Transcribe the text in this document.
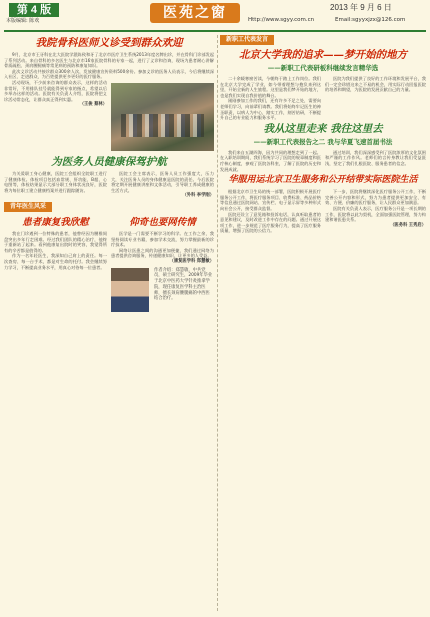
第 4 版
本版编辑: 陈欢	医苑之窗	2013 年 9 月 6 日
Http://www.sgyy.com.cn	Email:sgyyxjzx@126.com
我院骨科医师义诊受到群众欢迎

9月，北京市王牙科在北大医院学派陈致和牙了北京市医疗卫生系统2013年度名牌出诊，并在骨科门诊部发起了系列活动。来自骨科的多名医生与北京市16家医院骨科的专家一起，进行了义诊和咨询，现场为患者耐心讲解骨质疏松、颈肩腰腿痛等常见病的预防和康复知识。

此次义诊活动共接诊群众300余人次，发放健康宣传资料500余份。参加义诊的医务人员表示，今后将继续深入社区、走进群众，为百姓提供更多更好的医疗服务。

活动现场，不少前来咨询的群众表示，这样的活动非常好，不用排队挂号就能得到专家的指点，希望以后多举办这样的活动。医院有关负责人介绍，医院将把义诊活动常态化，让群众真正得到实惠。

（王俊 蔡林）
为医务人员健康保驾护航

为关爱职工身心健康，医院工会组织全院职工进行了健康体检。体检项目包括血常规、肝功能、B超、心电图等，体检结果显示大部分职工身体状况良好，医院将为每位职工建立健康档案并进行跟踪随访。

医院工会主席表示，医务人员工作强度大，压力大，关注医务人员的身体健康是医院的责任。今后医院将定期开展健康讲座和文体活动，引导职工养成健康的生活方式。

（外科 李学刚）
青年医生风采
患者康复我欣慰

我在门诊遇到一位特殊的患者，他曾经因为腰椎间盘突出多年行走困难。经过我们团队的精心治疗，他终于重新站了起来。看到他康复出院时的笑容，我觉得所有的辛苦都是值得的。

作为一名年轻医生，我深知自己肩上的责任。每一次查房、每一台手术，都是对生命的托付。我会继续努力学习，不断提高业务水平，用真心对待每一位患者。

仰奇也要网传情

医学是一门需要不断学习的科学。在工作之余，我坚持阅读专业书籍，参加学术交流，努力掌握最新的诊疗技术。

网络让医患之间的沟通更加便捷，我们通过网络为患者提供咨询服务，传递健康知识，让更多的人受益。

（康复医学科 郑慧敏）
作者介绍：郑慧敏，中共党员，硕士研究生，2009年毕业于北京中医药大学针灸推拿学院，现任康复医学科主治医师，擅长颈肩腰腿痛的中西医结合治疗。
新职工代表发言
北京大学我的追求——梦开始的地方
——新职工代表研板科继续发言精华选

二十余载寒窗苦读，今朝终于踏上工作岗位。我们在北京大学完成了学业，如今带着理想与抱负来到这里，开始全新的人生旅程。这里是我们梦开始的地方，也是我们实现自我价值的舞台。

刚刚参加工作的我们，还有许多不足之处，需要向老师们学习，向前辈们请教。我们将始终牢记医生的神圣职责，以病人为中心，踏实工作，刻苦钻研，不断提升自己的专业能力和服务水平。

医院为我们提供了良好的工作环境和发展平台，我们一定会珍惜这来之不易的机会，用实际行动回报医院的培养和期望，为医院的发展贡献自己的力量。

我从这里走来 我往这里去
——新职工代表报告之二 我与华夏飞速首届书法

我们来自五湖四海，因为共同的理想走到了一起。在入职培训期间，我们系统学习了医院的规章制度和医疗核心制度，参观了医院各科室，了解了医院的历史和发展成就。

通过培训，我们深深感受到了医院浓厚的文化氛围和严谨的工作作风。老师们的言传身教让我们受益匪浅，坚定了我们扎根医院、服务患者的信念。

华服用运北京卫生服务和公开结带实际医院生活

根据北京市卫生局的统一部署，医院积极开展医疗服务公开工作，将医疗服务项目、收费标准、药品价格等信息通过医院网站、宣传栏、电子显示屏等多种形式向社会公开，接受群众监督。

医院还设立了意见箱和投诉电话，认真听取患者的意见和建议，及时改进工作中存在的问题。通过开展这项工作，进一步规范了医疗服务行为，提高了医疗服务质量，增强了医院的公信力。

下一步，医院将继续深化医疗服务公开工作，不断完善公开内容和形式，努力为患者提供更加安全、有效、方便、价廉的医疗服务，让人民群众更加满意。

医院有关负责人表示，医疗服务公开是一项长期的工作，医院将以此为契机，全面加强医院管理，努力构建和谐医患关系。

（医务科 王秀启）
